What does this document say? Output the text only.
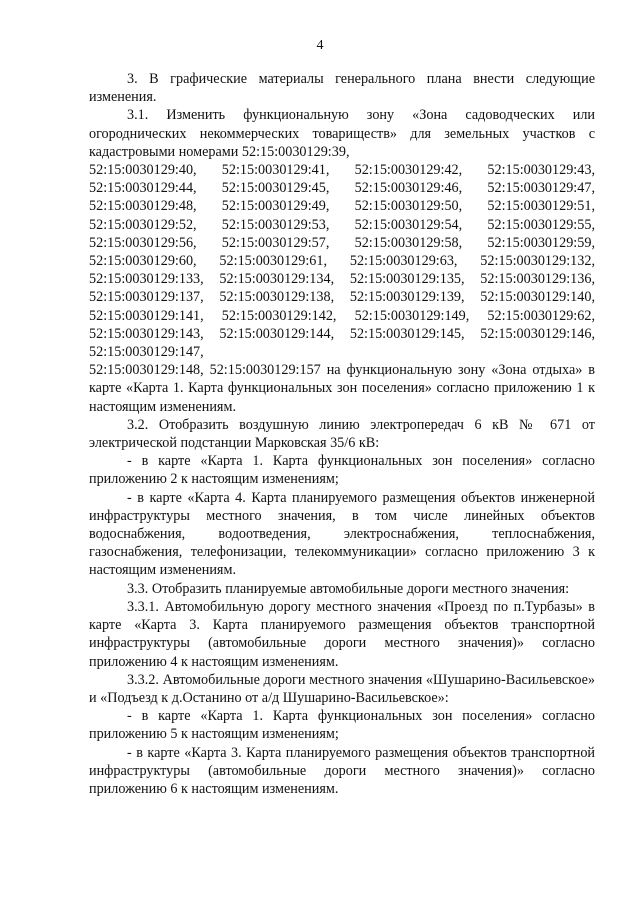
4

3. В графические материалы генерального плана внести следующие изменения.

3.1. Изменить функциональную зону «Зона садоводческих или огороднических некоммерческих товариществ» для земельных участков с кадастровыми номерами 52:15:0030129:39,

52:15:0030129:40, 52:15:0030129:41, 52:15:0030129:42, 52:15:0030129:43, 52:15:0030129:44, 52:15:0030129:45, 52:15:0030129:46, 52:15:0030129:47, 52:15:0030129:48, 52:15:0030129:49, 52:15:0030129:50, 52:15:0030129:51, 52:15:0030129:52, 52:15:0030129:53, 52:15:0030129:54, 52:15:0030129:55, 52:15:0030129:56, 52:15:0030129:57, 52:15:0030129:58, 52:15:0030129:59, 52:15:0030129:60, 52:15:0030129:61, 52:15:0030129:63, 52:15:0030129:132, 52:15:0030129:133, 52:15:0030129:134, 52:15:0030129:135, 52:15:0030129:136, 52:15:0030129:137, 52:15:0030129:138, 52:15:0030129:139, 52:15:0030129:140, 52:15:0030129:141, 52:15:0030129:142, 52:15:0030129:149, 52:15:0030129:62, 52:15:0030129:143, 52:15:0030129:144, 52:15:0030129:145, 52:15:0030129:146, 52:15:0030129:147,

52:15:0030129:148, 52:15:0030129:157 на функциональную зону «Зона отдыха» в карте «Карта 1. Карта функциональных зон поселения» согласно приложению 1 к настоящим изменениям.

3.2. Отобразить воздушную линию электропередач 6 кВ № 671 от электрической подстанции Марковская 35/6 кВ:

- в карте «Карта 1. Карта функциональных зон поселения» согласно приложению 2 к настоящим изменениям;

- в карте «Карта 4. Карта планируемого размещения объектов инженерной инфраструктуры местного значения, в том числе линейных объектов водоснабжения, водоотведения, электроснабжения, теплоснабжения, газоснабжения, телефонизации, телекоммуникации» согласно приложению 3 к настоящим изменениям.

3.3. Отобразить планируемые автомобильные дороги местного значения:

3.3.1. Автомобильную дорогу местного значения «Проезд по п.Турбазы» в карте «Карта 3. Карта планируемого размещения объектов транспортной инфраструктуры (автомобильные дороги местного значения)» согласно приложению 4 к настоящим изменениям.

3.3.2. Автомобильные дороги местного значения «Шушарино-Васильевское» и «Подъезд к д.Останино от а/д Шушарино-Васильевское»:

- в карте «Карта 1. Карта функциональных зон поселения» согласно приложению 5 к настоящим изменениям;

- в карте «Карта 3. Карта планируемого размещения объектов транспортной инфраструктуры (автомобильные дороги местного значения)» согласно приложению 6 к настоящим изменениям.
